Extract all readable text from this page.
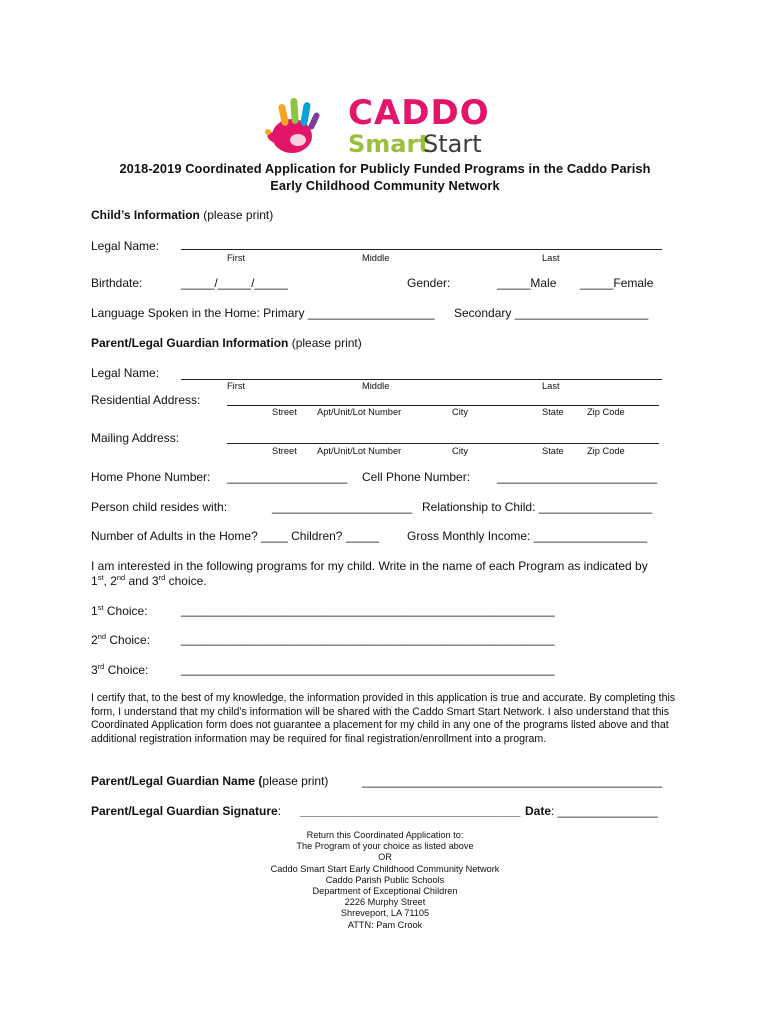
CADDO
Smart
Start
2018-2019 Coordinated Application for Publicly Funded Programs in the Caddo Parish
Early Childhood Community Network
Child’s Information (please print)
Legal Name:
First	Middle	Last
Birthdate:	_____/_____/_____	Gender:	_____Male _____Female
Language Spoken in the Home: Primary ___________________ Secondary ____________________
Parent/Legal Guardian Information (please print)
Legal Name:
First	Middle	Last
Residential Address:
Street Apt/Unit/Lot Number	City	State	Zip Code
Mailing Address:
Street Apt/Unit/Lot Number	City	State	Zip Code
Home Phone Number: __________________ Cell Phone Number: ________________________
Person child resides with:	_____________________ Relationship to Child: _________________
Number of Adults in the Home? ____ Children? _____ Gross Monthly Income: _________________
I am interested in the following programs for my child. Write in the name of each Program as indicated by
1st, 2nd and 3rd choice.
1st Choice:	________________________________________________________
2nd Choice:	________________________________________________________
3rd Choice:	________________________________________________________
I certify that, to the best of my knowledge, the information provided in this application is true and accurate. By completing this form, I understand that my child’s information will be shared with the Caddo Smart Start Network. I also understand that this Coordinated Application form does not guarantee a placement for my child in any one of the programs listed above and that additional registration information may be required for final registration/enrollment into a program.
Parent/Legal Guardian Name (please print)	_____________________________________________
Parent/Legal Guardian Signature: _________________________________ Date: _______________
Return this Coordinated Application to:
The Program of your choice as listed above
OR
Caddo Smart Start Early Childhood Community Network
Caddo Parish Public Schools
Department of Exceptional Children
2226 Murphy Street
Shreveport, LA 71105
ATTN: Pam Crook
